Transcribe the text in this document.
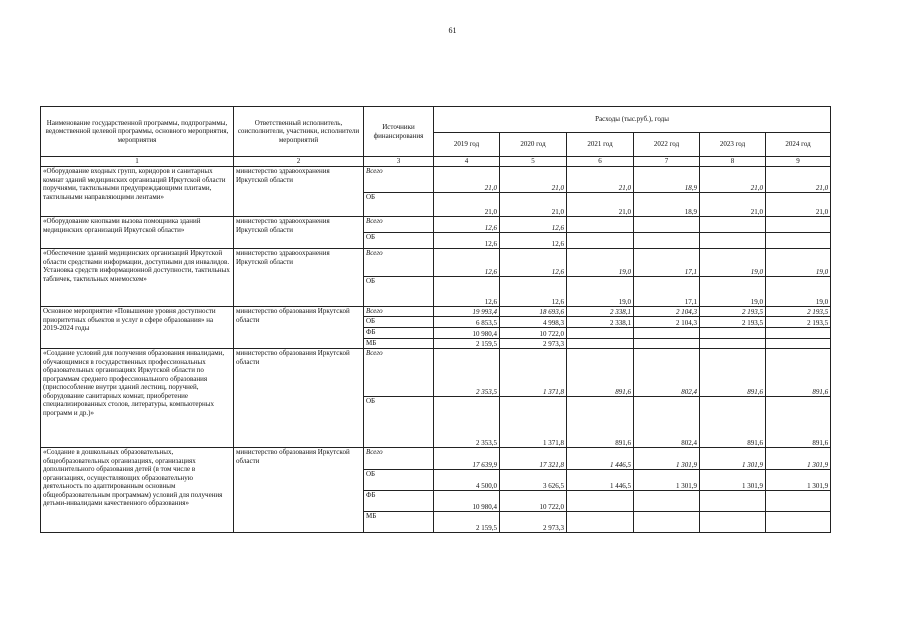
61
Наименование государственной программы, подпрограммы, ведомственной целевой программы, основного мероприятия, мероприятия	Ответственный исполнитель, соисполнители, участники, исполнители мероприятий	Источники финансирования	Расходы (тыс.руб.), годы					
			2019 год	2020 год	2021 год	2022 год	2023 год	2024 год
1	2	3	4	5	6	7	8	9
«Оборудование входных групп, коридоров и санитарных комнат зданий медицинских организаций Иркутской области поручнями, тактильными предупреждающими плитами, тактильными направляющими лентами»	министерство здравоохранения Иркутской области	Всего	21,0	21,0	21,0	18,9	21,0	21,0
		ОБ	21,0	21,0	21,0	18,9	21,0	21,0
«Оборудование кнопками вызова помощника зданий медицинских организаций Иркутской области»	министерство здравоохранения Иркутской области	Всего	12,6	12,6				
		ОБ	12,6	12,6				
«Обеспечение зданий медицинских организаций Иркутской области средствами информации, доступными для инвалидов. Установка средств информационной доступности, тактильных табличек, тактильных мнемосхем»	министерство здравоохранения Иркутской области	Всего	12,6	12,6	19,0	17,1	19,0	19,0
		ОБ	12,6	12,6	19,0	17,1	19,0	19,0
Основное мероприятие «Повышение уровня доступности приоритетных объектов и услуг в сфере образования» на 2019-2024 годы	министерство образования Иркутской области	Всего	19 993,4	18 693,6	2 338,1	2 104,3	2 193,5	2 193,5
		ОБ	6 853,5	4 998,3	2 338,1	2 104,3	2 193,5	2 193,5
		ФБ	10 980,4	10 722,0				
		МБ	2 159,5	2 973,3				
«Создание условий для получения образования инвалидами, обучающимися в государственных профессиональных образовательных организациях Иркутской области по программам среднего профессионального образования (приспособление внутри зданий лестниц, поручней, оборудование санитарных комнат, приобретение специализированных столов, литературы, компьютерных программ и др.)»	министерство образования Иркутской области	Всего	2 353,5	1 371,8	891,6	802,4	891,6	891,6
		ОБ	2 353,5	1 371,8	891,6	802,4	891,6	891,6
«Создание в дошкольных образовательных, общеобразовательных организациях, организациях дополнительного образования детей (в том числе в организациях, осуществляющих образовательную деятельность по адаптированным основным общеобразовательным программам) условий для получения детьми-инвалидами качественного образования»	министерство образования Иркутской области	Всего	17 639,9	17 321,8	1 446,5	1 301,9	1 301,9	1 301,9
		ОБ	4 500,0	3 626,5	1 446,5	1 301,9	1 301,9	1 301,9
		ФБ	10 980,4	10 722,0				
		МБ	2 159,5	2 973,3				
